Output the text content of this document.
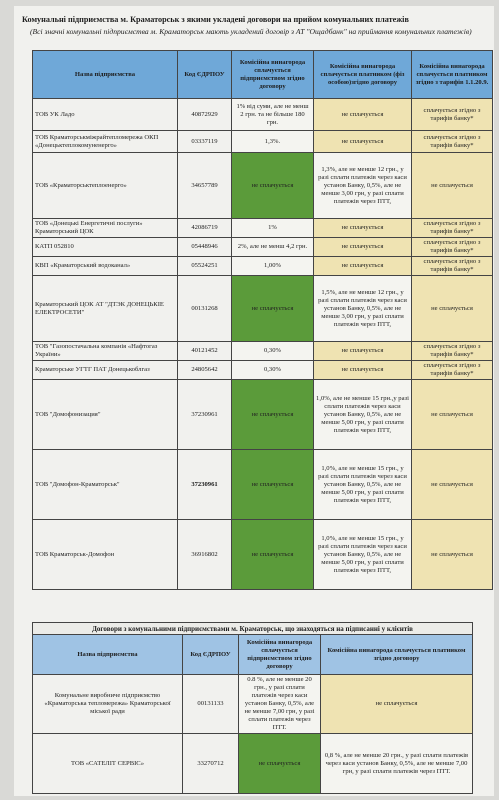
Комунальні підприємства м. Краматорськ з якими укладені договори на прийом комунальних платежів
(Всі значні комунальні підприємства м. Краматорськ мають укладений договір з АТ "Ощадбанк" на приймання комунальних платежів)
Назва підприємства	Код ЄДРПОУ	Комісійна винагорода сплачується підприємством згідно договору	Комісійна винагорода сплачується платником (фіз особою)згідно договору	Комісійна винагорода сплачується платником згідно з тарифів 1.1.20.9.
ТОВ УК Ладо	40872929	1% від суми, але не менш 2 грн. та не більше 180 грн.	не сплачується	сплачується згідно з тарифів банку*
ТОВ Краматорськміжрайтепломережа ОКП «Донецьктеплокомуненерго»	03337119	1,3%.	не сплачується	сплачується згідно з тарифів банку*
ТОВ «Краматорськтеплоенерго»	34657789	не сплачується	1,3%, але не менше 12 грн., у разі сплати платежів через каси установ Банку, 0,5%, але не менше 3,00 грн, у разі сплати платежів через ПТТ,	не сплачується
ТОВ «Донецькі Енергетичні послуги» Краматорський ЦОК	42086719	1%	не сплачується	сплачується згідно з тарифів банку*
КАТП 052810	05448946	2%, але не менш 4,2 грн.	не сплачується	сплачується згідно з тарифів банку*
КВП «Краматорський водоканал»	05524251	1,00%	не сплачується	сплачується згідно з тарифів банку*
Краматорський ЦОК АТ "ДТЭК ДОНЕЦЬКІЕ ЕЛЕКТРОСЕТИ"	00131268	не сплачується	1,5%, але не менше 12 грн., у разі сплати платежів через каси установ Банку, 0,5%, але не менше 3,00 грн, у разі сплати платежів через ПТТ,	не сплачується
ТОВ "Газопостачальна компанія «Нафтогаз України»	40121452	0,30%	не сплачується	сплачується згідно з тарифів банку*
Краматорське УГТГ ПАТ Донецькоблгаз	24805642	0,30%	не сплачується	сплачується згідно з тарифів банку*
ТОВ "Домофонизация"	37230961	не сплачується	1,0%, але не менше 15 грн.,у разі сплати платежів через каси установ Банку, 0,5%, але не менше 5,00 грн, у разі сплати платежів через ПТТ,	не сплачується
ТОВ "Домофон-Краматорськ"	37230961	не сплачується	1,0%, але не менше 15 грн., у разі сплати платежів через каси установ Банку, 0,5%, але не менше 5,00 грн, у разі сплати платежів через ПТТ,	не сплачується
ТОВ Краматорськ-Домофон	36916802	не сплачується	1,0%, але не менше 15 грн., у разі сплати платежів через каси установ Банку, 0,5%, але не менше 5,00 грн, у разі сплати платежів через ПТТ,	не сплачується
Договори з комунальними підприємствами м. Краматорськ, що знаходяться на підписанні у клієнтів			
Назва підприємства	Код ЄДРПОУ	Комісійна винагорода сплачується підприємством згідно договору	Комісійна винагорода сплачується платником згідно договору
Комунальне виробниче підприємство «Краматорська тепломережа» Краматорської міської ради	00131133	0.8 %, але не менше 20 грн., у разі сплати платежів через каси установ Банку, 0,5%, але не менше 7,00 грн, у разі сплати платежів через ПТТ.	не сплачується
ТОВ «САТЕЛІТ СЕРВІС»	33270712	не сплачується	0,8 %, але не менше 20 грн., у разі сплати платежів через каси установ Банку, 0,5%, але не менше 7,00 грн, у разі сплати платежів через ПТТ.
